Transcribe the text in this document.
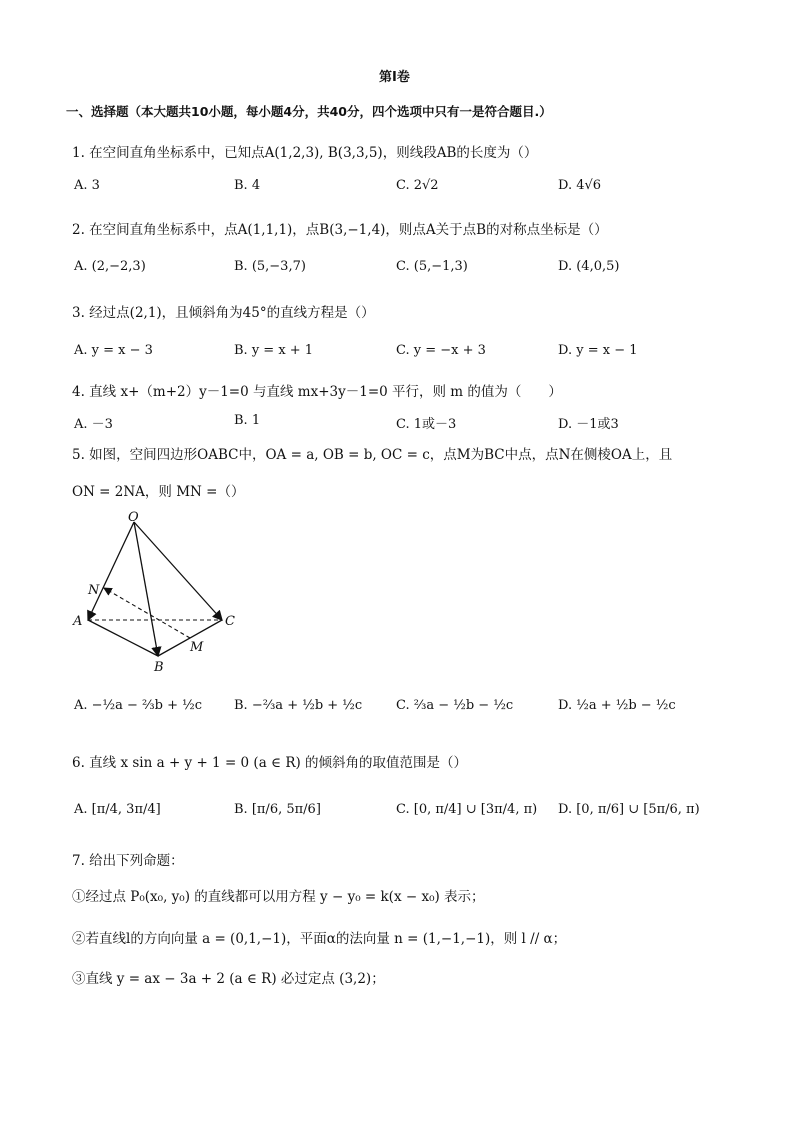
第Ⅰ卷
一、选择题（本大题共10小题，每小题4分，共40分，四个选项中只有一是符合题目.）
1. 在空间直角坐标系中，已知点A(1,2,3), B(3,3,5)，则线段AB的长度为（）
A. 3	B. 4	C. 2√2	D. 4√6
2. 在空间直角坐标系中，点A(1,1,1)，点B(3,−1,4)，则点A关于点B的对称点坐标是（）
A. (2,−2,3)	B. (5,−3,7)	C. (5,−1,3)	D. (4,0,5)
3. 经过点(2,1)，且倾斜角为45°的直线方程是（）
A. y = x − 3	B. y = x + 1	C. y = −x + 3	D. y = x − 1
4. 直线 x+（m+2）y－1=0 与直线 mx+3y－1=0 平行，则 m 的值为（　　）
A. －3	B. 1	C. 1或－3	D. －1或3
5. 如图，空间四边形OABC中，OA = a, OB = b, OC = c，点M为BC中点，点N在侧棱OA上，且
ON = 2NA，则 MN =（）
O
N
A	C
M
B
A. −½a − ⅔b + ½c B. −⅔a + ½b + ½c	C. ⅔a − ½b − ½c	D. ½a + ½b − ½c
6. 直线 x sin a + y + 1 = 0 (a ∈ R) 的倾斜角的取值范围是（）
A. [π/4, 3π/4]	B. [π/6, 5π/6]	C. [0, π/4] ∪ [3π/4, π) D. [0, π/6] ∪ [5π/6, π)
7. 给出下列命题：
①经过点 P₀(x₀, y₀) 的直线都可以用方程 y − y₀ = k(x − x₀) 表示；
②若直线l的方向向量 a = (0,1,−1)，平面α的法向量 n = (1,−1,−1)，则 l // α；
③直线 y = ax − 3a + 2 (a ∈ R) 必过定点 (3,2)；
